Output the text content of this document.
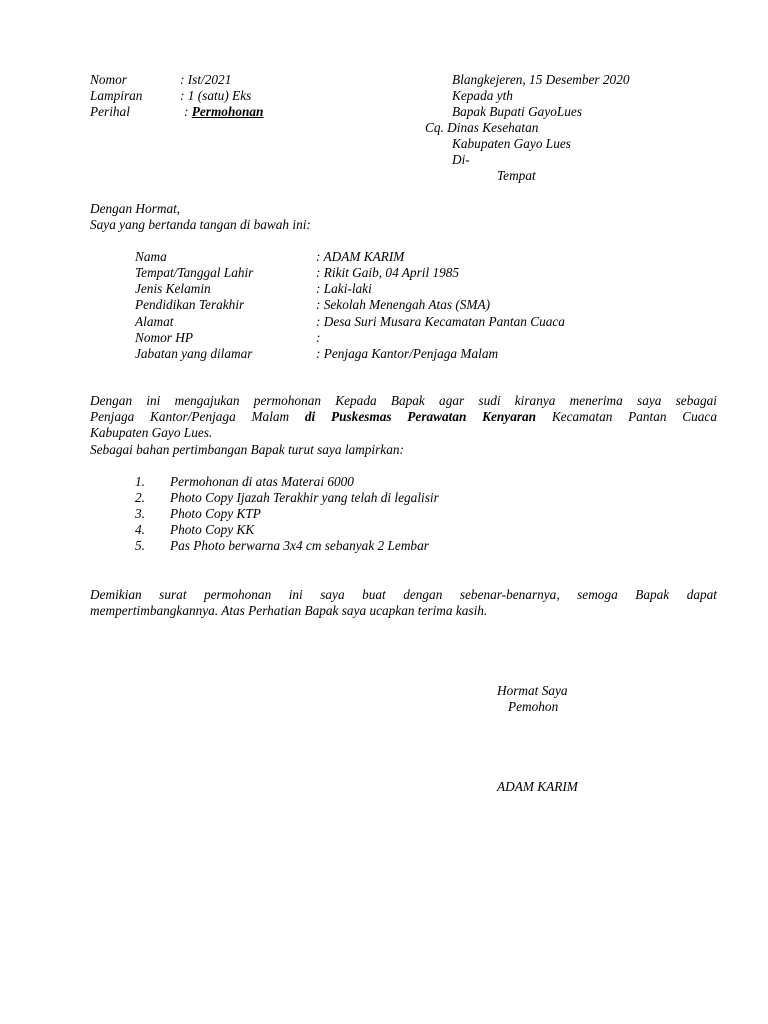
Nomor	: Ist/2021
Lampiran	: 1 (satu) Eks
Perihal	: Permohonan
Blangkejeren, 15 Desember 2020
Kepada yth
Bapak Bupati GayoLues
Cq. Dinas Kesehatan
Kabupaten Gayo Lues
Di-
Tempat
Dengan Hormat,
Saya yang bertanda tangan di bawah ini:
Nama	: ADAM KARIM
Tempat/Tanggal Lahir	: Rikit Gaib, 04 April 1985
Jenis Kelamin	: Laki-laki
Pendidikan Terakhir	: Sekolah Menengah Atas (SMA)
Alamat	: Desa Suri Musara Kecamatan Pantan Cuaca
Nomor HP	:
Jabatan yang dilamar	: Penjaga Kantor/Penjaga Malam
Dengan ini mengajukan permohonan Kepada Bapak agar sudi kiranya menerima saya sebagai
Penjaga Kantor/Penjaga Malam di Puskesmas Perawatan Kenyaran Kecamatan Pantan Cuaca
Kabupaten Gayo Lues.
Sebagai bahan pertimbangan Bapak turut saya lampirkan:
1. Permohonan di atas Materai 6000
2. Photo Copy Ijazah Terakhir yang telah di legalisir
3. Photo Copy KTP
4. Photo Copy KK
5. Pas Photo berwarna 3x4 cm sebanyak 2 Lembar
Demikian surat permohonan ini saya buat dengan sebenar-benarnya, semoga Bapak dapat
mempertimbangkannya. Atas Perhatian Bapak saya ucapkan terima kasih.
Hormat Saya
Pemohon
ADAM KARIM
